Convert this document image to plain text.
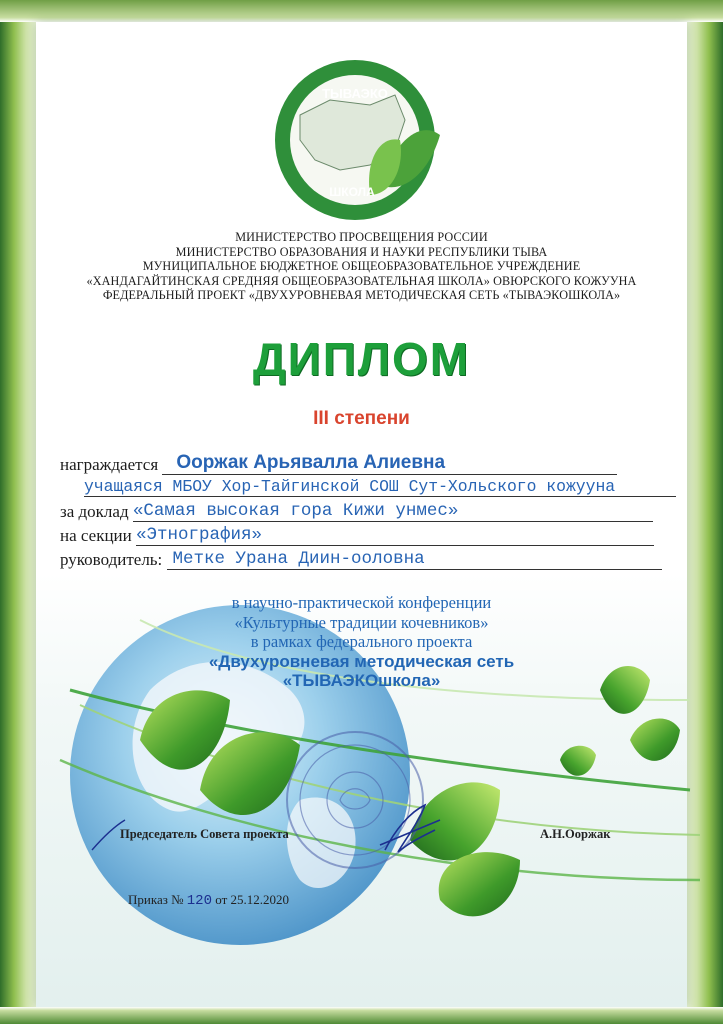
ТЫВАЭКО
ШКОЛА
МИНИСТЕРСТВО ПРОСВЕЩЕНИЯ РОССИИ
МИНИСТЕРСТВО ОБРАЗОВАНИЯ И НАУКИ РЕСПУБЛИКИ ТЫВА
МУНИЦИПАЛЬНОЕ БЮДЖЕТНОЕ ОБЩЕОБРАЗОВАТЕЛЬНОЕ УЧРЕЖДЕНИЕ
«ХАНДАГАЙТИНСКАЯ СРЕДНЯЯ ОБЩЕОБРАЗОВАТЕЛЬНАЯ ШКОЛА» ОВЮРСКОГО КОЖУУНА
ФЕДЕРАЛЬНЫЙ ПРОЕКТ «ДВУХУРОВНЕВАЯ МЕТОДИЧЕСКАЯ СЕТЬ «ТЫВАЭКОШКОЛА»
ДИПЛОМ
III степени
награждается Ооржак Арьявалла Алиевна
учащаяся МБОУ Хор-Тайгинской СОШ Сут-Хольского кожууна
за доклад «Самая высокая гора Кижи унмес»
на секции «Этнография»
руководитель: Метке Урана Диин-ооловна
в научно-практической конференции
«Культурные традиции кочевников»
в рамках федерального проекта
«Двухуровневая методическая сеть
«ТЫВАЭКОшкола»
Председатель Совета проекта	А.Н.Ооржак
Приказ № 120 от 25.12.2020
